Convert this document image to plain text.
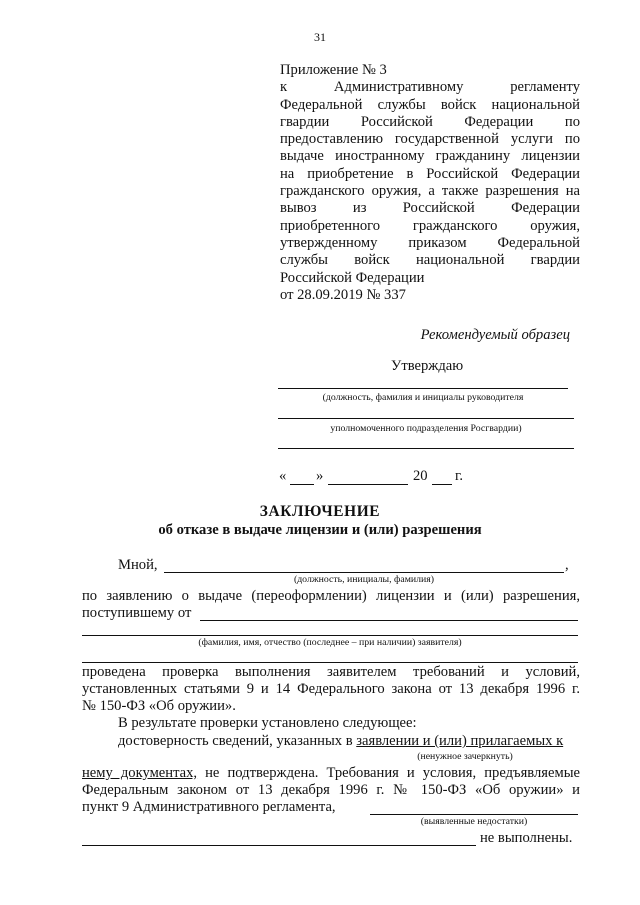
31
Приложение № 3
к Административному регламенту
Федеральной службы войск национальной
гвардии Российской Федерации по
предоставлению государственной услуги по
выдаче иностранному гражданину лицензии
на приобретение в Российской Федерации
гражданского оружия, а также разрешения на
вывоз из Российской Федерации
приобретенного гражданского оружия,
утвержденному приказом Федеральной
службы войск национальной гвардии
Российской Федерации
от 28.09.2019 № 337
Рекомендуемый образец
Утверждаю
(должность, фамилия и инициалы руководителя
уполномоченного подразделения Росгвардии)
« »	20 г.
ЗАКЛЮЧЕНИЕ
об отказе в выдаче лицензии и (или) разрешения
Мной,	,
(должность, инициалы, фамилия)
по заявлению о выдаче (переоформлении) лицензии и (или) разрешения,
поступившему от
(фамилия, имя, отчество (последнее – при наличии) заявителя)
проведена проверка выполнения заявителем требований и условий,
установленных статьями 9 и 14 Федерального закона от 13 декабря 1996 г.
№ 150-ФЗ «Об оружии».
В результате проверки установлено следующее:
достоверность сведений, указанных в заявлении и (или) прилагаемых к
(ненужное зачеркнуть)
нему документах, не подтверждена. Требования и условия, предъявляемые
Федеральным законом от 13 декабря 1996 г. № 150-ФЗ «Об оружии» и
пункт 9 Административного регламента,
(выявленные недостатки)
не выполнены.
